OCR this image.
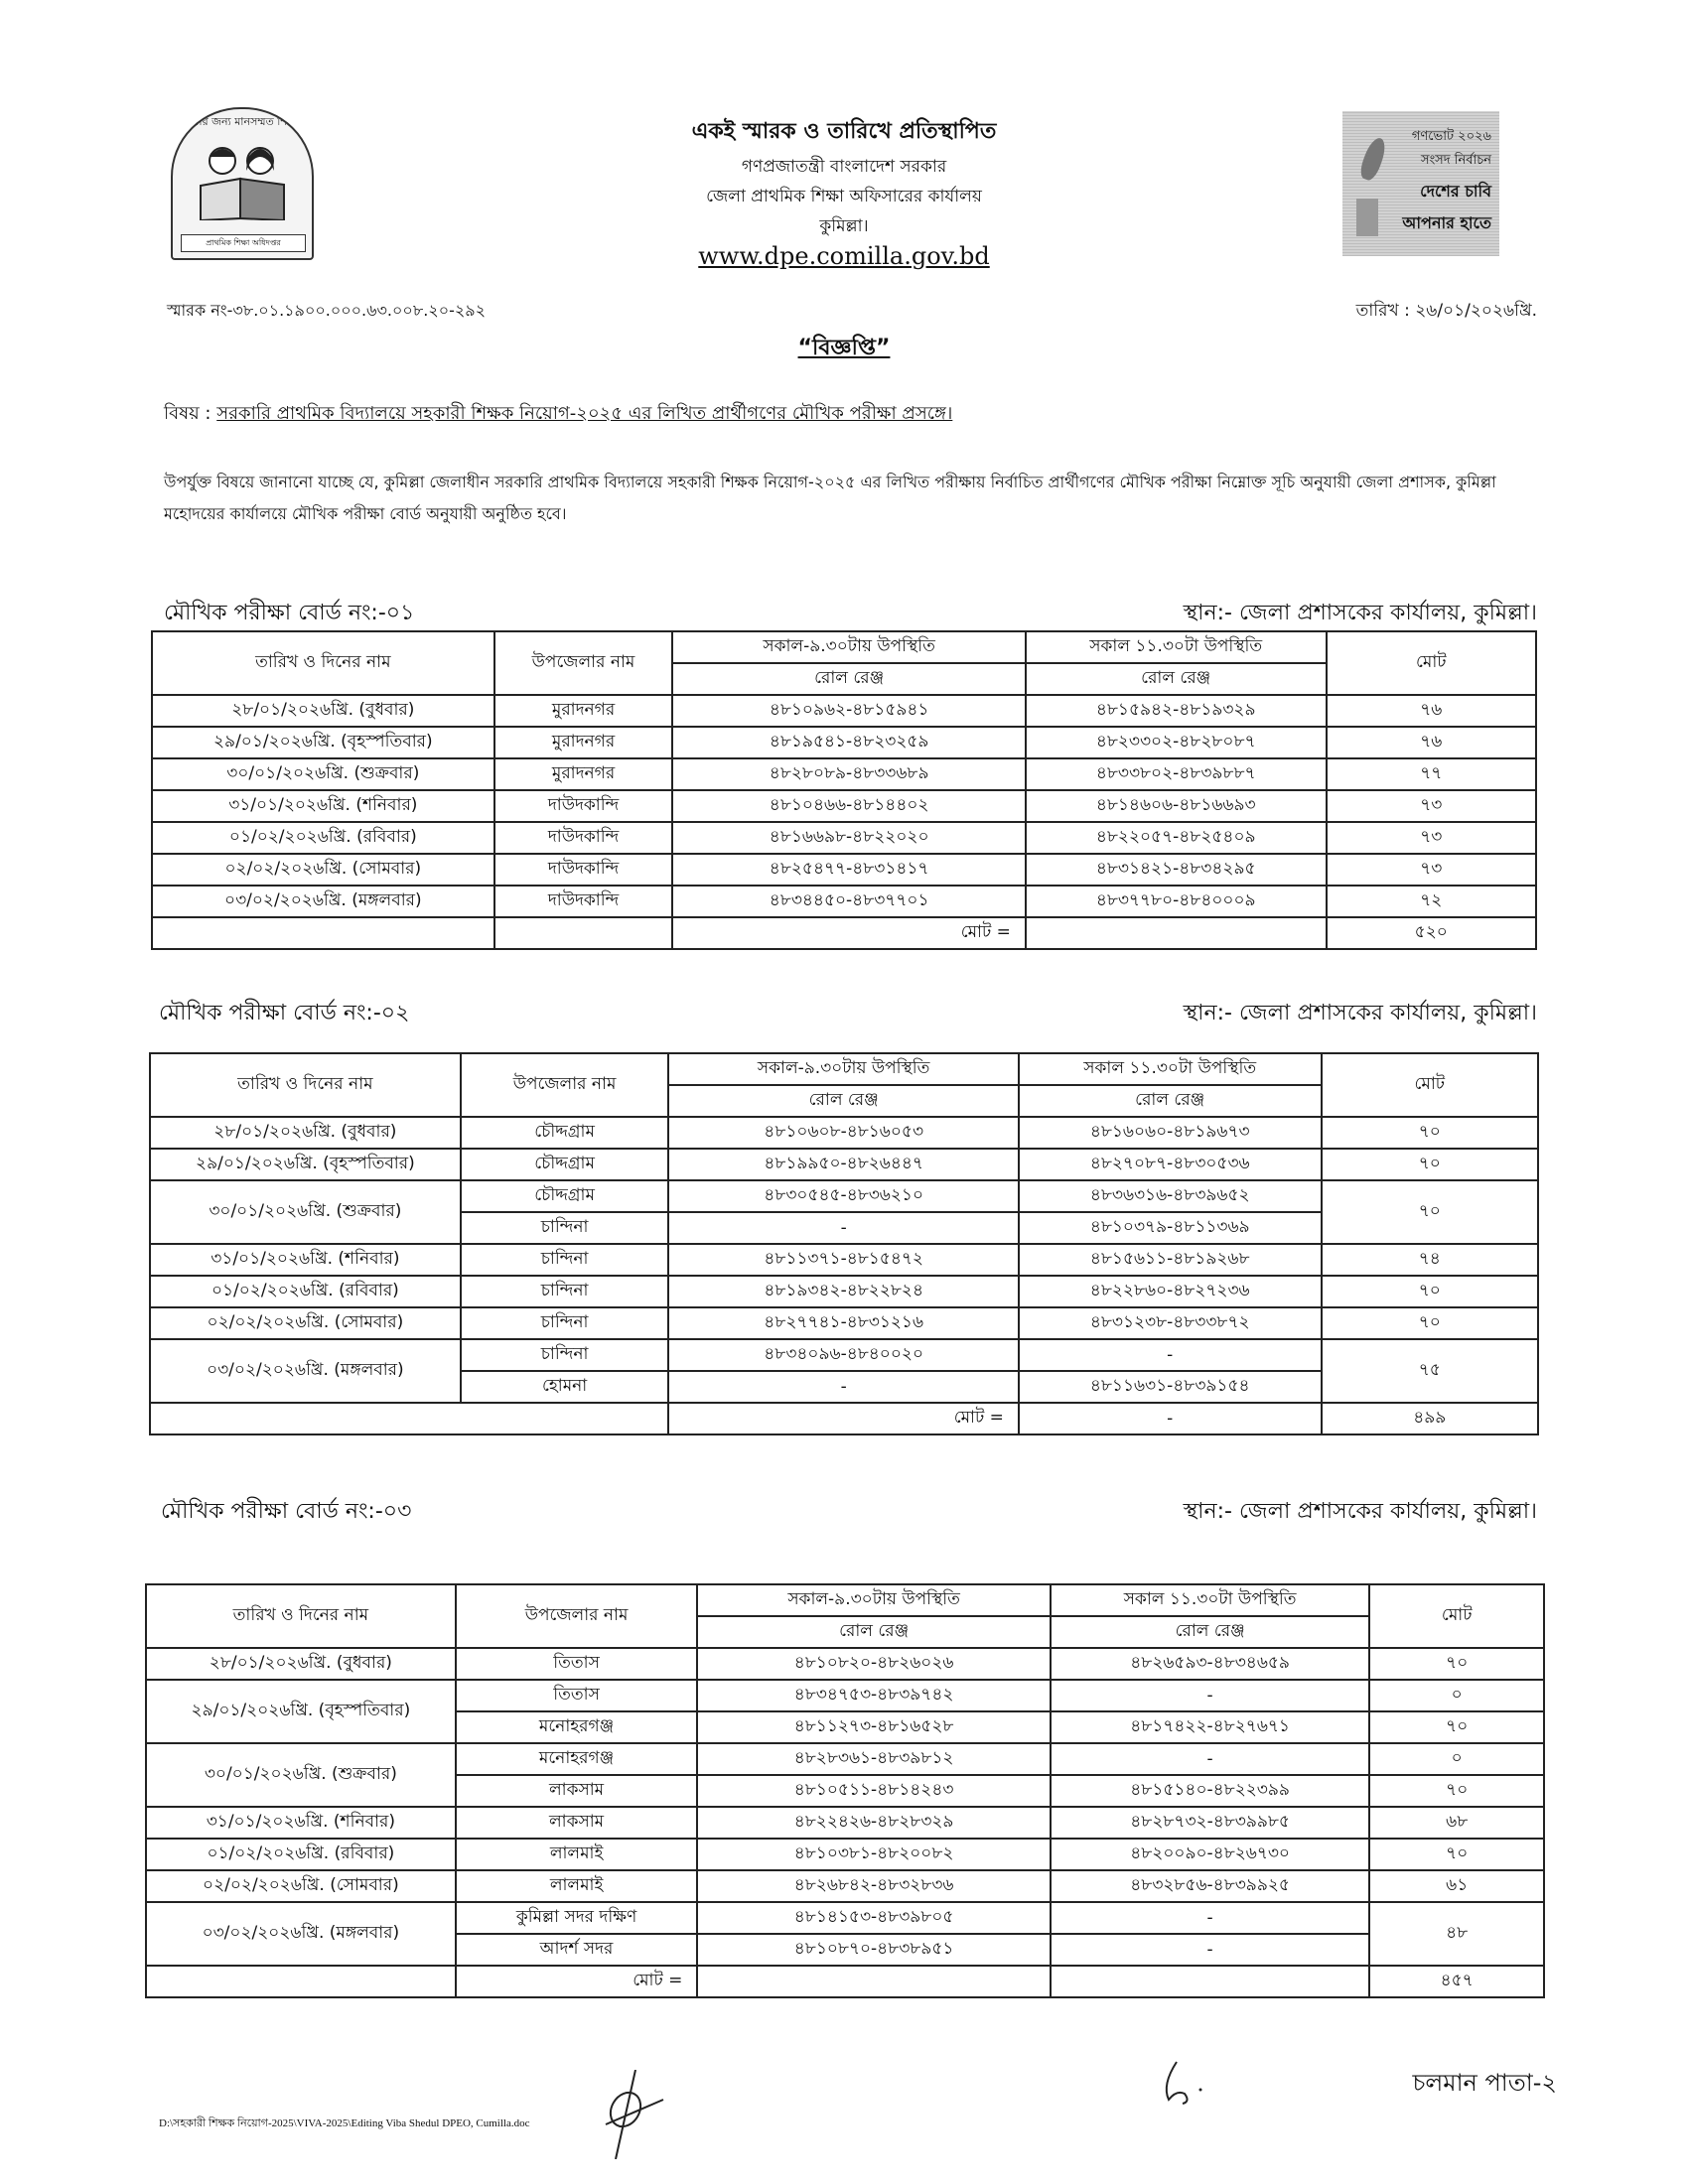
সবার জন্য মানসম্মত শিক্ষা
প্রাথমিক শিক্ষা অধিদপ্তর
একই স্মারক ও তারিখে প্রতিস্থাপিত
গণপ্রজাতন্ত্রী বাংলাদেশ সরকার
জেলা প্রাথমিক শিক্ষা অফিসারের কার্যালয়
কুমিল্লা।
www.dpe.comilla.gov.bd
গণভোট ২০২৬
সংসদ নির্বাচন
দেশের চাবি
আপনার হাতে
স্মারক নং-৩৮.০১.১৯০০.০০০.৬৩.০০৮.২০-২৯২	তারিখ : ২৬/০১/২০২৬খ্রি.
“বিজ্ঞপ্তি”
বিষয় : সরকারি প্রাথমিক বিদ্যালয়ে সহকারী শিক্ষক নিয়োগ-২০২৫ এর লিখিত প্রার্থীগণের মৌখিক পরীক্ষা প্রসঙ্গে।
উপর্যুক্ত বিষয়ে জানানো যাচ্ছে যে, কুমিল্লা জেলাধীন সরকারি প্রাথমিক বিদ্যালয়ে সহকারী শিক্ষক নিয়োগ-২০২৫ এর লিখিত পরীক্ষায় নির্বাচিত প্রার্থীগণের মৌখিক পরীক্ষা নিম্নোক্ত সূচি অনুযায়ী জেলা প্রশাসক, কুমিল্লা মহোদয়ের কার্যালয়ে মৌখিক পরীক্ষা বোর্ড অনুযায়ী অনুষ্ঠিত হবে।
মৌখিক পরীক্ষা বোর্ড নং:-০১	স্থান:- জেলা প্রশাসকের কার্যালয়, কুমিল্লা।
তারিখ ও দিনের নাম	উপজেলার নাম	সকাল-৯.৩০টায় উপস্থিতি	সকাল ১১.৩০টা উপস্থিতি	মোট
		রোল রেঞ্জ	রোল রেঞ্জ	
২৮/০১/২০২৬খ্রি. (বুধবার)	মুরাদনগর	৪৮১০৯৬২-৪৮১৫৯৪১	৪৮১৫৯৪২-৪৮১৯৩২৯	৭৬
২৯/০১/২০২৬খ্রি. (বৃহস্পতিবার)	মুরাদনগর	৪৮১৯৫৪১-৪৮২৩২৫৯	৪৮২৩৩০২-৪৮২৮০৮৭	৭৬
৩০/০১/২০২৬খ্রি. (শুক্রবার)	মুরাদনগর	৪৮২৮০৮৯-৪৮৩৩৬৮৯	৪৮৩৩৮০২-৪৮৩৯৮৮৭	৭৭
৩১/০১/২০২৬খ্রি. (শনিবার)	দাউদকান্দি	৪৮১০৪৬৬-৪৮১৪৪০২	৪৮১৪৬০৬-৪৮১৬৬৯৩	৭৩
০১/০২/২০২৬খ্রি. (রবিবার)	দাউদকান্দি	৪৮১৬৬৯৮-৪৮২২০২০	৪৮২২০৫৭-৪৮২৫৪০৯	৭৩
০২/০২/২০২৬খ্রি. (সোমবার)	দাউদকান্দি	৪৮২৫৪৭৭-৪৮৩১৪১৭	৪৮৩১৪২১-৪৮৩৪২৯৫	৭৩
০৩/০২/২০২৬খ্রি. (মঙ্গলবার)	দাউদকান্দি	৪৮৩৪৪৫০-৪৮৩৭৭০১	৪৮৩৭৭৮০-৪৮৪০০০৯	৭২
		মোট =		৫২০
মৌখিক পরীক্ষা বোর্ড নং:-০২	স্থান:- জেলা প্রশাসকের কার্যালয়, কুমিল্লা।
তারিখ ও দিনের নাম	উপজেলার নাম	সকাল-৯.৩০টায় উপস্থিতি	সকাল ১১.৩০টা উপস্থিতি	মোট
		রোল রেঞ্জ	রোল রেঞ্জ	
২৮/০১/২০২৬খ্রি. (বুধবার)	চৌদ্দগ্রাম	৪৮১০৬০৮-৪৮১৬০৫৩	৪৮১৬০৬০-৪৮১৯৬৭৩	৭০
২৯/০১/২০২৬খ্রি. (বৃহস্পতিবার)	চৌদ্দগ্রাম	৪৮১৯৯৫০-৪৮২৬৪৪৭	৪৮২৭০৮৭-৪৮৩০৫৩৬	৭০
৩০/০১/২০২৬খ্রি. (শুক্রবার)	চৌদ্দগ্রাম	৪৮৩০৫৪৫-৪৮৩৬২১০	৪৮৩৬৩১৬-৪৮৩৯৬৫২	৭০
	চান্দিনা	-	৪৮১০৩৭৯-৪৮১১৩৬৯	
৩১/০১/২০২৬খ্রি. (শনিবার)	চান্দিনা	৪৮১১৩৭১-৪৮১৫৪৭২	৪৮১৫৬১১-৪৮১৯২৬৮	৭৪
০১/০২/২০২৬খ্রি. (রবিবার)	চান্দিনা	৪৮১৯৩৪২-৪৮২২৮২৪	৪৮২২৮৬০-৪৮২৭২৩৬	৭০
০২/০২/২০২৬খ্রি. (সোমবার)	চান্দিনা	৪৮২৭৭৪১-৪৮৩১২১৬	৪৮৩১২৩৮-৪৮৩৩৮৭২	৭০
০৩/০২/২০২৬খ্রি. (মঙ্গলবার)	চান্দিনা	৪৮৩৪০৯৬-৪৮৪০০২০	-	৭৫
	হোমনা	-	৪৮১১৬৩১-৪৮৩৯১৫৪	
		মোট =	-	৪৯৯
মৌখিক পরীক্ষা বোর্ড নং:-০৩	স্থান:- জেলা প্রশাসকের কার্যালয়, কুমিল্লা।
তারিখ ও দিনের নাম	উপজেলার নাম	সকাল-৯.৩০টায় উপস্থিতি	সকাল ১১.৩০টা উপস্থিতি	মোট
		রোল রেঞ্জ	রোল রেঞ্জ	
২৮/০১/২০২৬খ্রি. (বুধবার)	তিতাস	৪৮১০৮২০-৪৮২৬০২৬	৪৮২৬৫৯৩-৪৮৩৪৬৫৯	৭০
২৯/০১/২০২৬খ্রি. (বৃহস্পতিবার)	তিতাস	৪৮৩৪৭৫৩-৪৮৩৯৭৪২	-	০
	মনোহরগঞ্জ	৪৮১১২৭৩-৪৮১৬৫২৮	৪৮১৭৪২২-৪৮২৭৬৭১	৭০
৩০/০১/২০২৬খ্রি. (শুক্রবার)	মনোহরগঞ্জ	৪৮২৮৩৬১-৪৮৩৯৮১২	-	০
	লাকসাম	৪৮১০৫১১-৪৮১৪২৪৩	৪৮১৫১৪০-৪৮২২৩৯৯	৭০
৩১/০১/২০২৬খ্রি. (শনিবার)	লাকসাম	৪৮২২৪২৬-৪৮২৮৩২৯	৪৮২৮৭৩২-৪৮৩৯৯৮৫	৬৮
০১/০২/২০২৬খ্রি. (রবিবার)	লালমাই	৪৮১০৩৮১-৪৮২০০৮২	৪৮২০০৯০-৪৮২৬৭৩০	৭০
০২/০২/২০২৬খ্রি. (সোমবার)	লালমাই	৪৮২৬৮৪২-৪৮৩২৮৩৬	৪৮৩২৮৫৬-৪৮৩৯৯২৫	৬১
০৩/০২/২০২৬খ্রি. (মঙ্গলবার)	কুমিল্লা সদর দক্ষিণ	৪৮১৪১৫৩-৪৮৩৯৮০৫	-	৪৮
	আদর্শ সদর	৪৮১০৮৭০-৪৮৩৮৯৫১	-	
	মোট =			৪৫৭
D:\সহকারী শিক্ষক নিয়োগ-2025\VIVA-2025\Editing Viba Shedul DPEO, Cumilla.doc
চলমান পাতা-২
